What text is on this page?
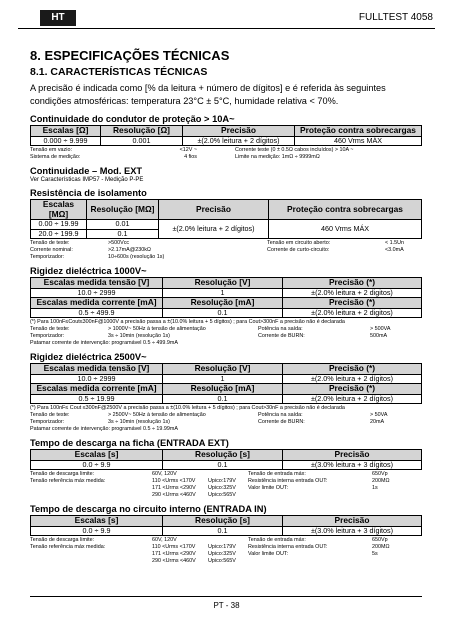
HT	FULLTEST 4058
8. ESPECIFICAÇÕES TÉCNICAS
8.1. CARACTERÍSTICAS TÉCNICAS

A precisão é indicada como [% da leitura + número de dígitos] e é referida às seguintes condições atmosféricas: temperatura 23°C ± 5°C, humidade relativa < 70%.

Continuidade do condutor de proteção > 10A~
Escalas [Ω]	Resolução [Ω]	Precisão	Proteção contra sobrecargas
0.000 ÷ 9.999	0.001	±(2.0% leitura + 2 dígitos)	460 Vrms MÁX
Tensão em vazio:	<12V ~	Corrente teste (0 ± 0.5Ω cabos incluídos) > 10A ~
Sistema de medição:	4 fios	Limite na medição: 1mΩ ÷ 9999mΩ
Continuidade – Mod. EXT
Ver Características IMP57 - Medição P-PE
Resistência de isolamento
Escalas [MΩ]	Resolução [MΩ]	Precisão	Proteção contra sobrecargas
0.00 ÷ 19.99	0.01	±(2.0% leitura + 2 dígitos)	460 Vrms MÁX
20.0 ÷ 199.9	0.1		
Tensão de teste:	>500Vcc	Tensão em circuito aberto:	< 1.5Un
Corrente nominal:	>2.17mA@230kΩ	Corrente de curto-circuito:	<3.0mA
Temporizador:	10÷600s (resolução 1s)
Rigidez dieléctrica 1000V~
Escalas medida tensão [V]	Resolução [V]	Precisão (*)
10.0 ÷ 2999	1	±(2.0% leitura + 2 digitos)
Escalas medida corrente [mA]	Resolução [mA]	Precisão (*)
0.5 ÷ 499.9	0.1	±(2.0% leitura + 2 digitos)
(*) Para 100nF≤Cout≤300nF@1000V a precisão passa a ±(10.0% leitura + 5 dígitos) ; para Cout>300nF a precisão não é declarada
Tensão de teste:	> 1000V~ 50Hz à tensão de alimentação	Potência na saída:	> 500VA
Temporizador:	3s ÷ 10min (resolução 1s)	Corrente de BURN:	500mA
Patamar corrente de intervenção: programável 0.5 ÷ 499.9mA
Rigidez dieléctrica 2500V~
Escalas medida tensão [V]	Resolução [V]	Precisão (*)
10.0 ÷ 2999	1	±(2.0% leitura + 2 dígitos)
Escalas medida corrente [mA]	Resolução [mA]	Precisão (*)
0.5 ÷ 19.99	0.1	±(2.0% leitura + 2 dígitos)
(*) Para 100nF≤ Cout ≤300nF@2500V a precisão passa a ±(10.0% leitura + 5 dígitos) ; para Cout>30nF a precisão não é declarada
Tensão de teste:	> 2500V~ 50Hz à tensão de alimentação	Potência na saída:	> 50VA
Temporizador:	3s ÷ 10min (resolução 1s)	Corrente de BURN:	20mA
Patamar corrente de intervenção: programável 0.5 ÷ 19.99mA
Tempo de descarga na ficha (ENTRADA EXT)
Escalas [s]	Resolução [s]	Precisão
0.0 ÷ 9.9	0.1	±(3.0% leitura + 3 dígitos)
Tensão de descarga limite:	60V, 120V	Tensão de entrada máx:	650Vp
Tensão referência máx medida:	110 <Urms <170V	Upico:179V	Resistência interna entrada OUT:	200MΩ
171 <Urms <290V	Upico:325V	Valor limite OUT:	1s
290 <Urms <460V	Upico:565V
Tempo de descarga no circuito interno (ENTRADA IN)
Escalas [s]	Resolução [s]	Precisão
0.0 ÷ 9.9	0.1	±(3.0% leitura + 3 dígitos)
Tensão de descarga limite:	60V, 120V	Tensão de entrada máx:	650Vp
Tensão referência máx medida:	110 <Urms <170V	Upico:179V	Resistência interna entrada OUT:	200MΩ
171 <Urms <290V	Upico:325V	Valor limite OUT:	5s
290 <Urms <460V	Upico:565V
PT - 38
